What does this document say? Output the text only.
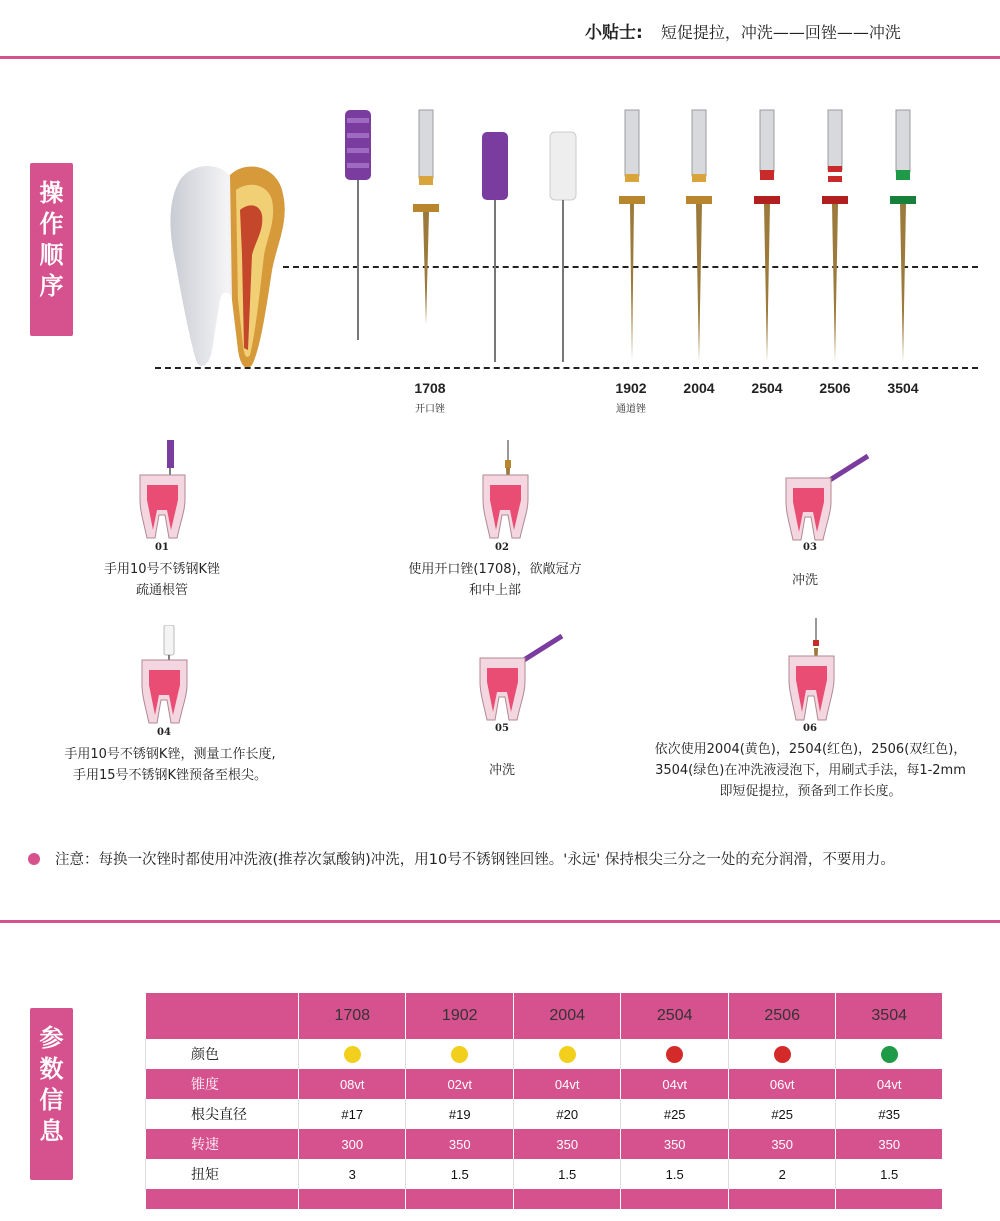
小贴士: 短促提拉，冲洗——回锉——冲洗
操
作
顺
序
1708
开口锉
1902
通道锉
2004	2504	2506	3504
01	02	03
04	05	06
手用10号不锈钢K锉
疏通根管
使用开口锉(1708)，欲敞冠方
和中上部
冲洗
手用10号不锈钢K锉，测量工作长度,
手用15号不锈钢K锉预备至根尖。	冲洗
依次使用2004(黄色)，2504(红色)，2506(双红色)，
3504(绿色)在冲洗液浸泡下，用刷式手法，每1-2mm
即短促提拉，预备到工作长度。
注意：每换一次锉时都使用冲洗液(推荐次氯酸钠)冲洗，用10号不锈钢锉回锉。'永远' 保持根尖三分之一处的充分润滑，不要用力。
参
数
信
息
	1708	1902	2004	2504	2506	3504
颜色						
锥度	08vt	02vt	04vt	04vt	06vt	04vt
根尖直径	#17	#19	#20	#25	#25	#35
转速	300	350	350	350	350	350
扭矩	3	1.5	1.5	1.5	2	1.5
